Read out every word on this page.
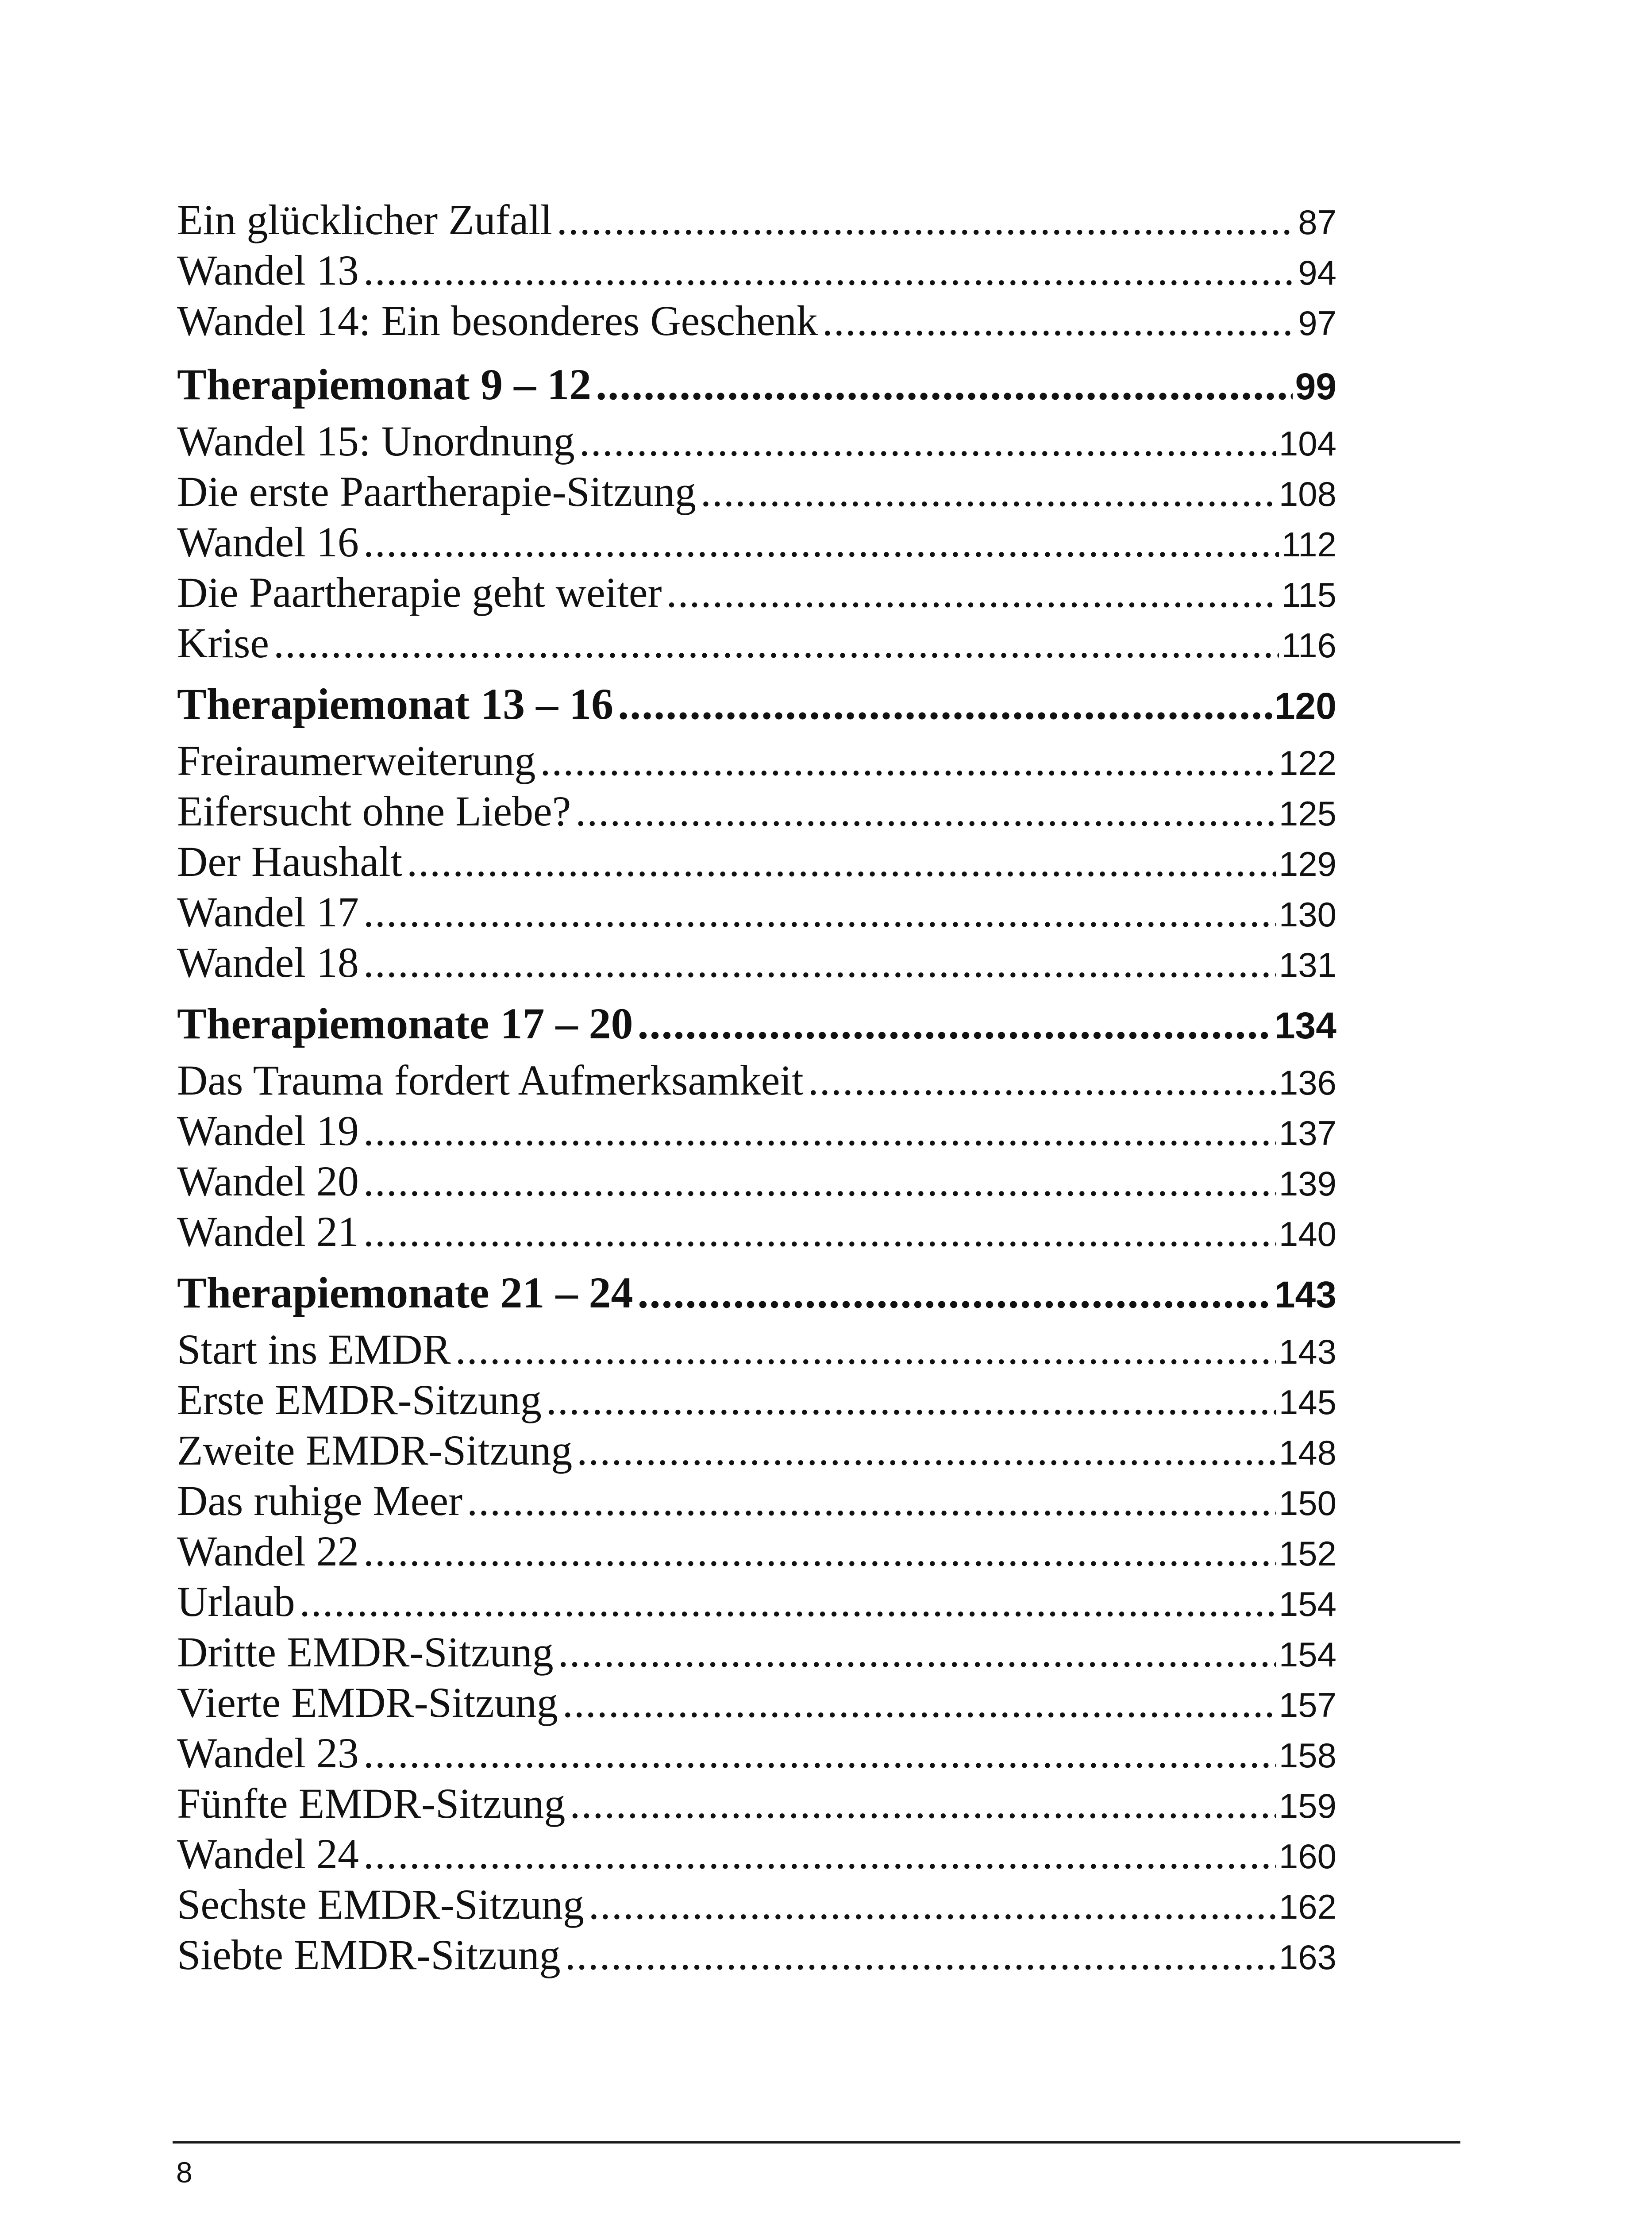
Ein glücklicher Zufall .....	87
Wandel 13 .....	94
Wandel 14: Ein besonderes Geschenk .....	97
Therapiemonat 9 – 12 .....	99
Wandel 15: Unordnung .....	104
Die erste Paartherapie-Sitzung .....	108
Wandel 16 .....	112
Die Paartherapie geht weiter .....	115
Krise .....	116
Therapiemonat 13 – 16 .....	120
Freiraumerweiterung .....	122
Eifersucht ohne Liebe? .....	125
Der Haushalt .....	129
Wandel 17 .....	130
Wandel 18 .....	131
Therapiemonate 17 – 20 .....	134
Das Trauma fordert Aufmerksamkeit .....	136
Wandel 19 .....	137
Wandel 20 .....	139
Wandel 21 .....	140
Therapiemonate 21 – 24 .....	143
Start ins EMDR .....	143
Erste EMDR-Sitzung .....	145
Zweite EMDR-Sitzung .....	148
Das ruhige Meer .....	150
Wandel 22 .....	152
Urlaub .....	154
Dritte EMDR-Sitzung .....	154
Vierte EMDR-Sitzung .....	157
Wandel 23 .....	158
Fünfte EMDR-Sitzung .....	159
Wandel 24 .....	160
Sechste EMDR-Sitzung .....	162
Siebte EMDR-Sitzung .....	163
8
